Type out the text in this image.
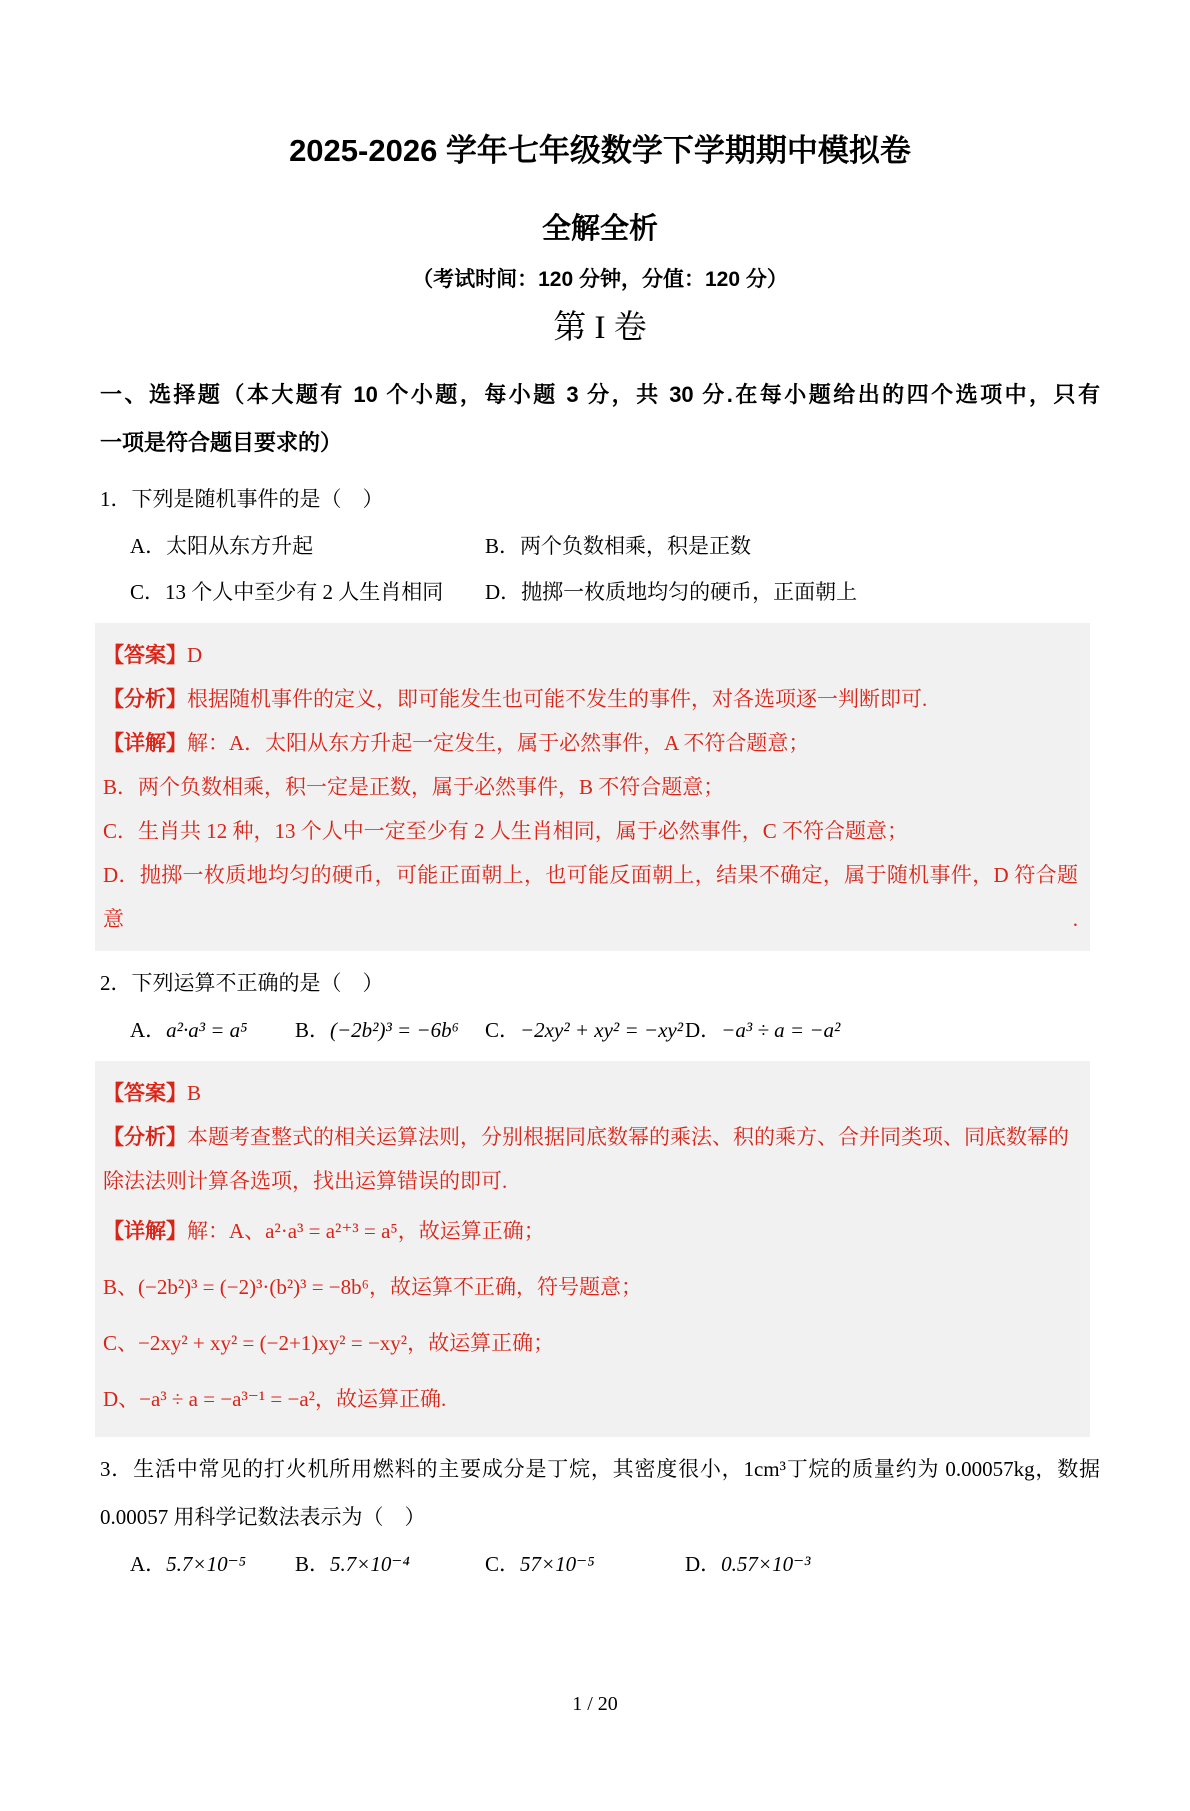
2025-2026 学年七年级数学下学期期中模拟卷
全解全析
（考试时间：120 分钟，分值：120 分）
第 I 卷
一、选择题（本大题有 10 个小题，每小题 3 分，共 30 分.在每小题给出的四个选项中，只有
一项是符合题目要求的）

1．下列是随机事件的是（　）

A．太阳从东方升起	B．两个负数相乘，积是正数
C．13 个人中至少有 2 人生肖相同	D．抛掷一枚质地均匀的硬币，正面朝上

【答案】D

【分析】根据随机事件的定义，即可能发生也可能不发生的事件，对各选项逐一判断即可.

【详解】解：A．太阳从东方升起一定发生，属于必然事件，A 不符合题意；

B．两个负数相乘，积一定是正数，属于必然事件，B 不符合题意；

C．生肖共 12 种，13 个人中一定至少有 2 人生肖相同，属于必然事件，C 不符合题意；

D．抛掷一枚质地均匀的硬币，可能正面朝上，也可能反面朝上，结果不确定，属于随机事件，D 符合题意.

2．下列运算不正确的是（　）

A．a²·a³ = a⁵	B．(−2b²)³ = −6b⁶	C．−2xy² + xy² = −xy² D．−a³ ÷ a = −a²

【答案】B

【分析】本题考查整式的相关运算法则，分别根据同底数幂的乘法、积的乘方、合并同类项、同底数幂的

除法法则计算各选项，找出运算错误的即可.

【详解】解：A、a²·a³ = a²⁺³ = a⁵，故运算正确；

B、(−2b²)³ = (−2)³·(b²)³ = −8b⁶，故运算不正确，符号题意；

C、−2xy² + xy² = (−2+1)xy² = −xy²，故运算正确；

D、−a³ ÷ a = −a³⁻¹ = −a²，故运算正确.

3．生活中常见的打火机所用燃料的主要成分是丁烷，其密度很小，1cm³丁烷的质量约为 0.00057kg，数据

0.00057 用科学记数法表示为（　）

A．5.7×10⁻⁵	B．5.7×10⁻⁴	C．57×10⁻⁵	D．0.57×10⁻³
1 / 20
